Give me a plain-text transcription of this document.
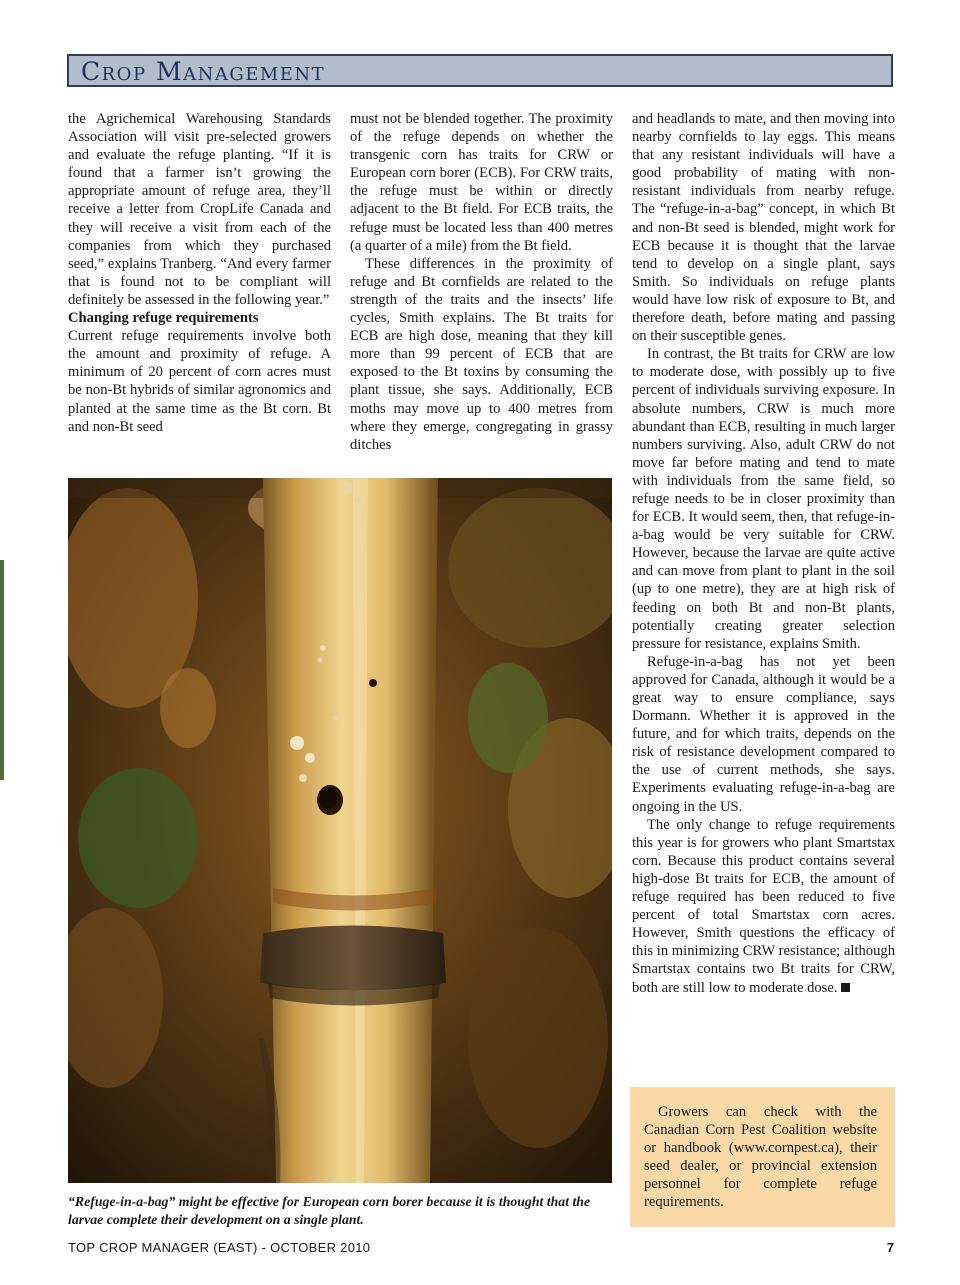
Crop Management

the Agrichemical Warehousing Standards Association will visit pre-selected growers and evaluate the refuge planting. “If it is found that a farmer isn’t growing the appropriate amount of refuge area, they’ll receive a letter from CropLife Canada and they will receive a visit from each of the companies from which they purchased seed,” explains Tranberg. “And every farmer that is found not to be compliant will definitely be assessed in the following year.”

Changing refuge requirements

Current refuge requirements involve both the amount and proximity of refuge. A minimum of 20 percent of corn acres must be non-Bt hybrids of similar agronomics and planted at the same time as the Bt corn. Bt and non-Bt seed

must not be blended together. The proximity of the refuge depends on whether the transgenic corn has traits for CRW or European corn borer (ECB). For CRW traits, the refuge must be within or directly adjacent to the Bt field. For ECB traits, the refuge must be located less than 400 metres (a quarter of a mile) from the Bt field.

These differences in the proximity of refuge and Bt cornfields are related to the strength of the traits and the insects’ life cycles, Smith explains. The Bt traits for ECB are high dose, meaning that they kill more than 99 percent of ECB that are exposed to the Bt toxins by consuming the plant tissue, she says. Additionally, ECB moths may move up to 400 metres from where they emerge, congregating in grassy ditches

and headlands to mate, and then moving into nearby cornfields to lay eggs. This means that any resistant individuals will have a good probability of mating with non-resistant individuals from nearby refuge. The “refuge-in-a-bag” concept, in which Bt and non-Bt seed is blended, might work for ECB because it is thought that the larvae tend to develop on a single plant, says Smith. So individuals on refuge plants would have low risk of exposure to Bt, and therefore death, before mating and passing on their susceptible genes.

In contrast, the Bt traits for CRW are low to moderate dose, with possibly up to five percent of individuals surviving exposure. In absolute numbers, CRW is much more abundant than ECB, resulting in much larger numbers surviving. Also, adult CRW do not move far before mating and tend to mate with individuals from the same field, so refuge needs to be in closer proximity than for ECB. It would seem, then, that refuge-in-a-bag would be very suitable for CRW. However, because the larvae are quite active and can move from plant to plant in the soil (up to one metre), they are at high risk of feeding on both Bt and non-Bt plants, potentially creating greater selection pressure for resistance, explains Smith.

Refuge-in-a-bag has not yet been approved for Canada, although it would be a great way to ensure compliance, says Dormann. Whether it is approved in the future, and for which traits, depends on the risk of resistance development compared to the use of current methods, she says. Experiments evaluating refuge-in-a-bag are ongoing in the US.

The only change to refuge requirements this year is for growers who plant Smartstax corn. Because this product contains several high-dose Bt traits for ECB, the amount of refuge required has been reduced to five percent of total Smartstax corn acres. However, Smith questions the efficacy of this in minimizing CRW resistance; although Smartstax contains two Bt traits for CRW, both are still low to moderate dose.

“Refuge-in-a-bag” might be effective for European corn borer because it is thought that the larvae complete their development on a single plant.

Growers can check with the Canadian Corn Pest Coalition website or handbook (www.cornpest.ca), their seed dealer, or provincial extension personnel for complete refuge requirements.

TOP CROP MANAGER (EAST) - OCTOBER 2010	7
